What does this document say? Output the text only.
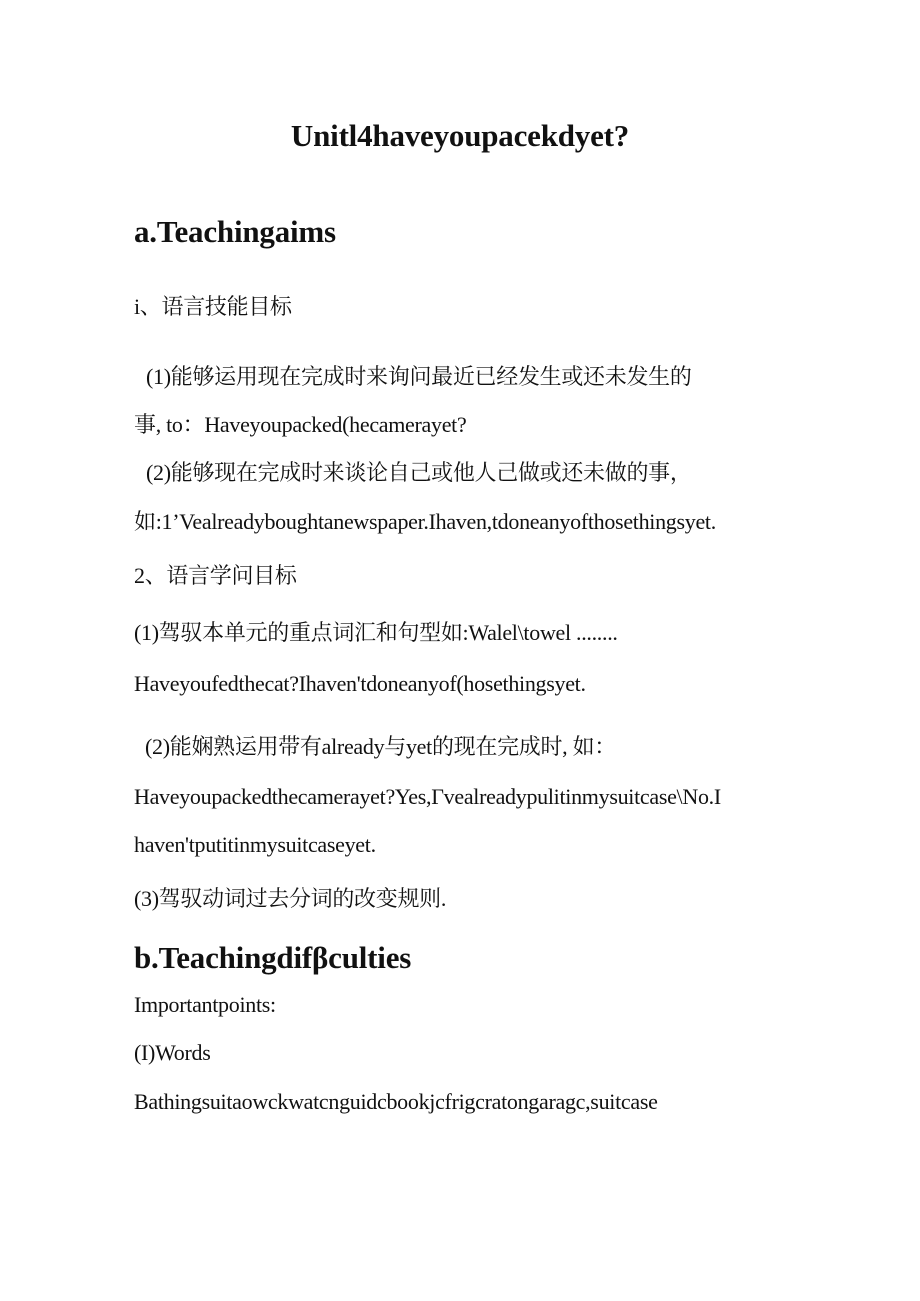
Unitl4haveyoupacekdyet?
a.Teachingaims
i、语言技能目标
(1)能够运用现在完成时来询问最近已经发生或还未发生的
事, to：Haveyoupacked(hecamerayet?
(2)能够现在完成时来谈论自己或他人己做或还未做的事，
如:1’Vealreadyboughtanewspaper.Ihaven,tdoneanyofthosethingsyet.
2、语言学问目标
(1)驾驭本单元的重点词汇和句型如:Walel\towel ........
Haveyoufedthecat?Ihaven'tdoneanyof(hosethingsyet.
(2)能娴熟运用带有already与yet的现在完成时, 如：
Haveyoupackedthecamerayet?Yes,Γvealreadypulitinmysuitcase\No.I
haven'tputitinmysuitcaseyet.
(3)驾驭动词过去分词的改变规则.
b.Teachingdifβculties
Importantpoints:
(I)Words
Bathingsuitaowckwatcnguidcbookjcfrigcratongaragc,suitcase
